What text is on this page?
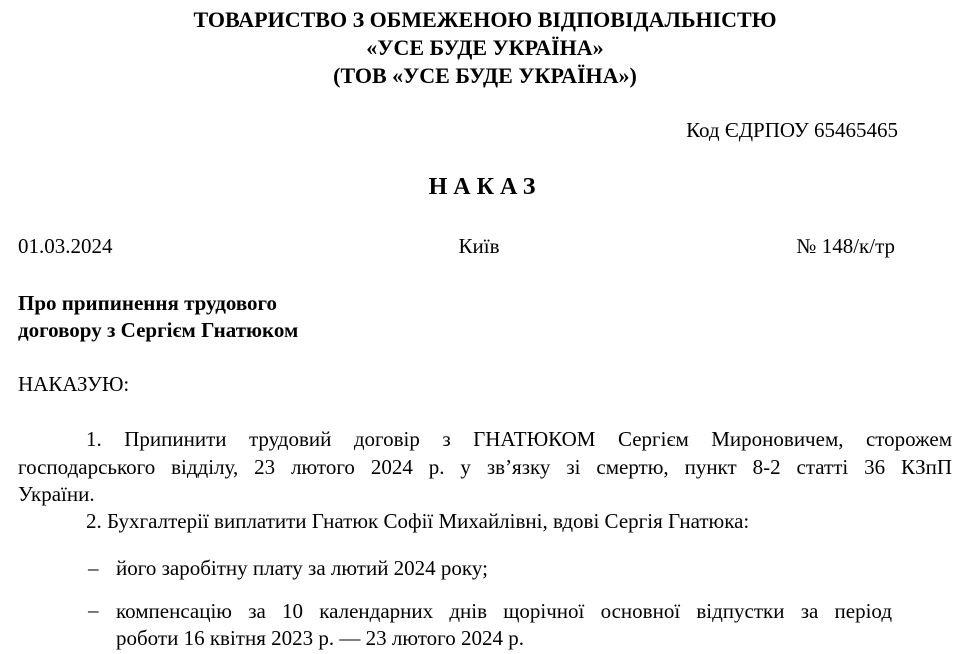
ТОВАРИСТВО З ОБМЕЖЕНОЮ ВІДПОВІДАЛЬНІСТЮ
«УСЕ БУДЕ УКРАЇНА»
(ТОВ «УСЕ БУДЕ УКРАЇНА»)
Код ЄДРПОУ 65465465
НАКАЗ
01.03.2024	Київ	№ 148/к/тр
Про припинення трудового
договору з Сергієм Гнатюком
НАКАЗУЮ:
1. Припинити трудовий договір з ГНАТЮКОМ Сергієм Мироновичем, сторожем
господарського відділу, 23 лютого 2024 р. у зв’язку зі смертю, пункт 8-2 статті 36 КЗпП
України.
2. Бухгалтерії виплатити Гнатюк Софії Михайлівні, вдові Сергія Гнатюка:
– його заробітну плату за лютий 2024 року;
– компенсацію за 10 календарних днів щорічної основної відпустки за період
роботи 16 квітня 2023 р. — 23 лютого 2024 р.
